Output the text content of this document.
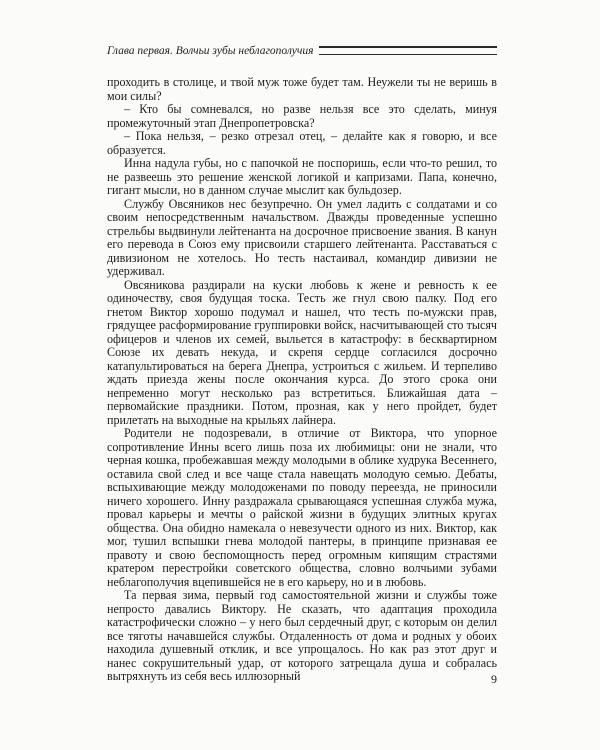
Глава первая. Волчьи зубы неблагополучия

проходить в столице, и твой муж тоже будет там. Неужели ты не веришь в мои силы?

– Кто бы сомневался, но разве нельзя все это сделать, минуя промежуточный этап Днепропетровска?

– Пока нельзя, – резко отрезал отец, – делайте как я говорю, и все образуется.

Инна надула губы, но с папочкой не поспоришь, если что-то решил, то не развеешь это решение женской логикой и капризами. Папа, конечно, гигант мысли, но в данном случае мыслит как бульдозер.

Службу Овсяников нес безупречно. Он умел ладить с солдатами и со своим непосредственным начальством. Дважды проведенные успешно стрельбы выдвинули лейтенанта на досрочное присвоение звания. В канун его перевода в Союз ему присвоили старшего лейтенанта. Расставаться с дивизионом не хотелось. Но тесть настаивал, командир дивизии не удерживал.

Овсяникова раздирали на куски любовь к жене и ревность к ее одиночеству, своя будущая тоска. Тесть же гнул свою палку. Под его гнетом Виктор хорошо подумал и нашел, что тесть по-мужски прав, грядущее расформирование группировки войск, насчитывающей сто тысяч офицеров и членов их семей, выльется в катастрофу: в бесквартирном Союзе их девать некуда, и скрепя сердце согласился досрочно катапультироваться на берега Днепра, устроиться с жильем. И терпеливо ждать приезда жены после окончания курса. До этого срока они непременно могут несколько раз встретиться. Ближайшая дата – первомайские праздники. Потом, прозная, как у него пройдет, будет прилетать на выходные на крыльях лайнера.

Родители не подозревали, в отличие от Виктора, что упорное сопротивление Инны всего лишь поза их любимицы: они не знали, что черная кошка, пробежавшая между молодыми в облике худрука Весеннего, оставила свой след и все чаще стала навещать молодую семью. Дебаты, вспыхивающие между молодоженами по поводу переезда, не приносили ничего хорошего. Инну раздражала срывающаяся успешная служба мужа, провал карьеры и мечты о райской жизни в будущих элитных кругах общества. Она обидно намекала о невезучести одного из них. Виктор, как мог, тушил вспышки гнева молодой пантеры, в принципе признавая ее правоту и свою беспомощность перед огромным кипящим страстями кратером перестройки советского общества, словно волчьими зубами неблагополучия вцепившейся не в его карьеру, но и в любовь.

Та первая зима, первый год самостоятельной жизни и службы тоже непросто давались Виктору. Не сказать, что адаптация проходила катастрофически сложно – у него был сердечный друг, с которым он делил все тяготы начавшейся службы. Отдаленность от дома и родных у обоих находила душевный отклик, и все упрощалось. Но как раз этот друг и нанес сокрушительный удар, от которого затрещала душа и собралась вытряхнуть из себя весь иллюзорный	9
